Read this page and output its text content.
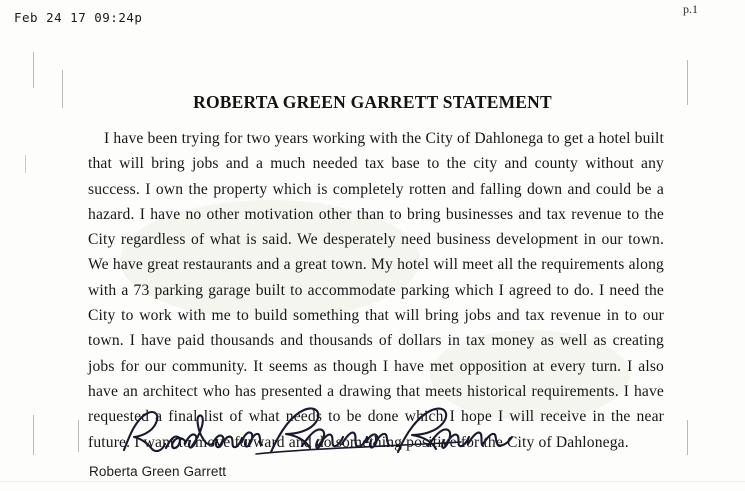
Feb 24 17 09:24p
p.1
ROBERTA GREEN GARRETT STATEMENT
I have been trying for two years working with the City of Dahlonega to get a hotel built that will bring jobs and a much needed tax base to the city and county without any success. I own the property which is completely rotten and falling down and could be a hazard. I have no other motivation other than to bring businesses and tax revenue to the City regardless of what is said. We desperately need business development in our town. We have great restaurants and a great town. My hotel will meet all the requirements along with a 73 parking garage built to accommodate parking which I agreed to do. I need the City to work with me to build something that will bring jobs and tax revenue in to our town. I have paid thousands and thousands of dollars in tax money as well as creating jobs for our community. It seems as though I have met opposition at every turn. I also have an architect who has presented a drawing that meets historical requirements. I have requested a final list of what needs to be done which I hope I will receive in the near future. I want to move forward and do something positive for the City of Dahlonega.
Roberta Green Garrett
